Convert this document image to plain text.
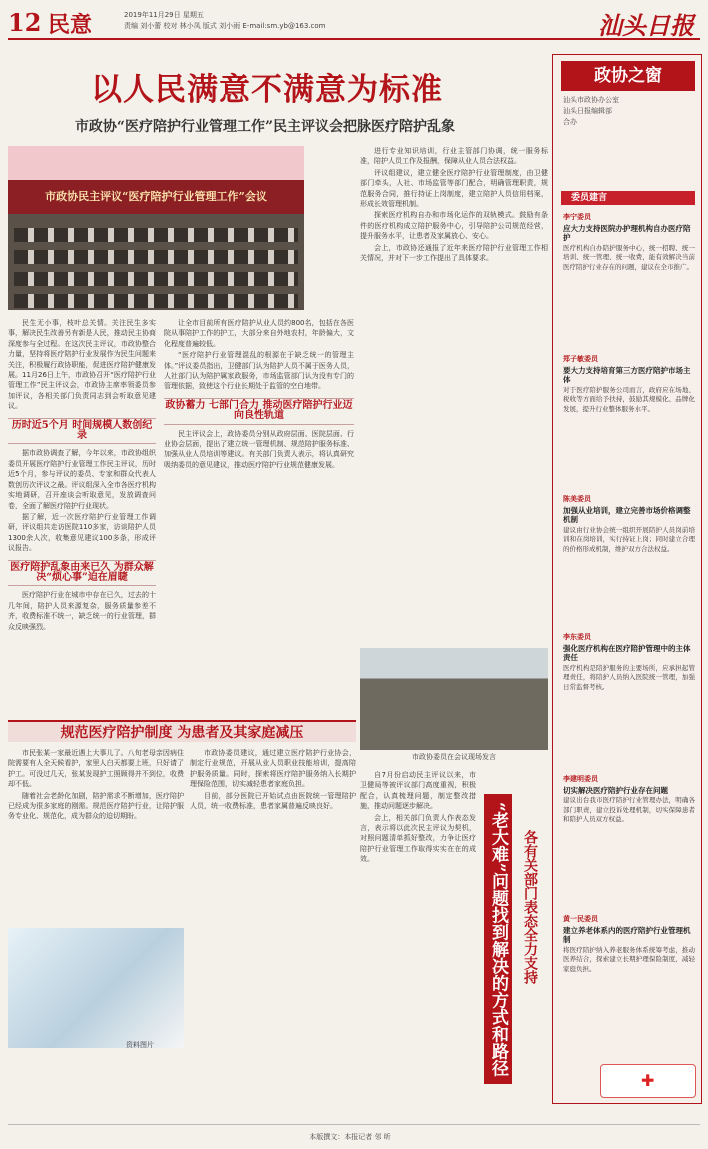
12 民意	2019年11月29日 星期五
责编 刘小蕾 校对 林小凤 版式 刘小雨 E-mail:sm.yb@163.com	汕头日报
以人民满意不满意为标准
市政协“医疗陪护行业管理工作”民主评议会把脉医疗陪护乱象
市政协民主评议“医疗陪护行业管理工作”会议

民生无小事，枝叶总关情。关注民生多实事，解决民生改善另有新是人民，推动民主协商深度参与全过程。在这次民主评议，市政协整合力量，坚持将医疗陪护行业发展作为民生问题来关注，积极履行政协职能，促进医疗陪护健康发展。11月26日上午，市政协召开“医疗陪护行业管理工作”民主评议会，市政协主席率领委员参加评议，各相关部门负责同志到会听取意见建议。

历时近5个月 时间规模人数创纪录

据市政协调查了解，今年以来，市政协组织委员开展医疗陪护行业管理工作民主评议，历时近5个月，参与评议的委员、专家和群众代表人数创历次评议之最。评议组深入全市各医疗机构实地调研，召开座谈会听取意见，发放调查问卷，全面了解医疗陪护行业现状。

据了解，近一次医疗陪护行业管理工作调研，评议组共走访医院110多家，访谈陪护人员1300余人次，收集意见建议100多条，形成评议报告。

医疗陪护乱象由来已久 为群众解决“烦心事”迫在眉睫

医疗陪护行业在城市中存在已久，过去的十几年间，陪护人员来源复杂，服务质量参差不齐，收费标准不统一，缺乏统一的行业管理，群众反映强烈。

让全市目前所有医疗陪护从业人员约800名，包括在各医院从事陪护工作的护工，大部分来自外地农村，年龄偏大，文化程度普遍较低。

“医疗陪护行业管理混乱的根源在于缺乏统一的管理主体。”评议委员指出，卫健部门认为陪护人员不属于医务人员，人社部门认为陪护属家政服务，市场监管部门认为没有专门的管理依据，致使这个行业长期处于监管的空白地带。

政协蓄力 七部门合力 推动医疗陪护行业迈向良性轨道

民主评议会上，政协委员分别从政府层面、医院层面、行业协会层面，提出了建立统一管理机制、规范陪护服务标准、加强从业人员培训等建议。有关部门负责人表示，将认真研究吸纳委员的意见建议，推动医疗陪护行业规范健康发展。

进行专业知识培训，行业主管部门协调，统一服务标准，陪护人员工作及报酬，保障从业人员合法权益。

评议组建议，建立健全医疗陪护行业管理制度，由卫健部门牵头，人社、市场监管等部门配合，明确管理职责，规范服务合同，推行持证上岗制度，建立陪护人员信用档案，形成长效管理机制。

探索医疗机构自办和市场化运作的双轨模式。鼓励有条件的医疗机构成立陪护服务中心，引导陪护公司规范经营，提升服务水平，让患者及家属放心、安心。

会上，市政协还通报了近年来医疗陪护行业管理工作相关情况，并对下一步工作提出了具体要求。

市政协委员在会议现场发言

自7月份启动民主评议以来，市卫健局等被评议部门高度重视，积极配合，认真梳理问题，制定整改措施，推动问题逐步解决。

会上，相关部门负责人作表态发言，表示将以此次民主评议为契机，对照问题清单抓好整改，力争让医疗陪护行业管理工作取得实实在在的成效。

规范医疗陪护制度 为患者及其家庭减压

市民张某一家最近遇上大事儿了。八旬老母亲因病住院需要有人全天候看护，家里人白天都要上班，只好请了护工。可没过几天，张某发现护工照顾得并不到位，收费却不低。

随着社会老龄化加剧，陪护需求不断增加，医疗陪护已经成为很多家庭的刚需。规范医疗陪护行业，让陪护服务专业化、规范化，成为群众的迫切期盼。

市政协委员建议，通过建立医疗陪护行业协会，制定行业规范，开展从业人员职业技能培训，提高陪护服务质量。同时，探索将医疗陪护服务纳入长期护理保险范围，切实减轻患者家庭负担。

目前，部分医院已开始试点由医院统一管理陪护人员，统一收费标准，患者家属普遍反映良好。

资料图片	“老大难”问题找到解决的方式和路径 各有关部门表态全力支持
政协之窗
汕头市政协办公室
汕头日报编辑部
合办
委员建言
李宁委员
应大力支持医院办护理机构自办医疗陪护
医疗机构自办陪护服务中心，统一招聘、统一培训、统一管理、统一收费，能有效解决当前医疗陪护行业存在的问题，建议在全市推广。
郑子敏委员
要大力支持培育第三方医疗陪护市场主体
对于医疗陪护服务公司而言，政府应在场地、税收等方面给予扶持，鼓励其规模化、品牌化发展，提升行业整体服务水平。
陈美委员
加强从业培训，建立完善市场价格调整机制
建议由行业协会统一组织开展陪护人员岗前培训和在岗培训，实行持证上岗；同时建立合理的价格形成机制，维护双方合法权益。
李东委员
强化医疗机构在医疗陪护管理中的主体责任
医疗机构是陪护服务的主要场所，应承担起管理责任，将陪护人员纳入医院统一管理，加强日常监督考核。
李建明委员
切实解决医疗陪护行业存在问题
建议出台我市医疗陪护行业管理办法，明确各部门职责，建立投诉处理机制，切实保障患者和陪护人员双方权益。
黄一民委员
建立养老体系内的医疗陪护行业管理机制
将医疗陪护纳入养老服务体系统筹考虑，推动医养结合，探索建立长期护理保险制度，减轻家庭负担。
✚
本版撰文：本报记者 邻 昕
